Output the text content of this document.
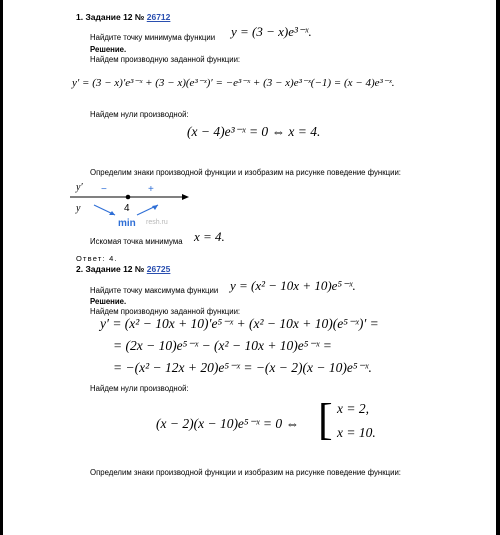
1. Задание 12 № 26712
Найдите точку минимума функции y = (3 − x)e³⁻ˣ.
Решение.
Найдем производную заданной функции:
y′ = (3 − x)′e³⁻ˣ + (3 − x)(e³⁻ˣ)′ = −e³⁻ˣ + (3 − x)e³⁻ˣ(−1) = (x − 4)e³⁻ˣ.
Найдем нули производной:
(x − 4)e³⁻ˣ = 0 ⇔ x = 4.
Определим знаки производной функции и изобразим на рисунке поведение функции:
y′ −	+
y	4
min resh.ru
Искомая точка минимума x = 4.
Ответ: 4.
2. Задание 12 № 26725
Найдите точку максимума функции y = (x² − 10x + 10)e⁵⁻ˣ.
Решение.
Найдем производную заданной функции:
y′ = (x² − 10x + 10)′e⁵⁻ˣ + (x² − 10x + 10)(e⁵⁻ˣ)′ =
= (2x − 10)e⁵⁻ˣ − (x² − 10x + 10)e⁵⁻ˣ =
= −(x² − 12x + 20)e⁵⁻ˣ = −(x − 2)(x − 10)e⁵⁻ˣ.
Найдем нули производной:
(x − 2)(x − 10)e⁵⁻ˣ = 0 ⇔ [ x = 2,
x = 10.
Определим знаки производной функции и изобразим на рисунке поведение функции:
